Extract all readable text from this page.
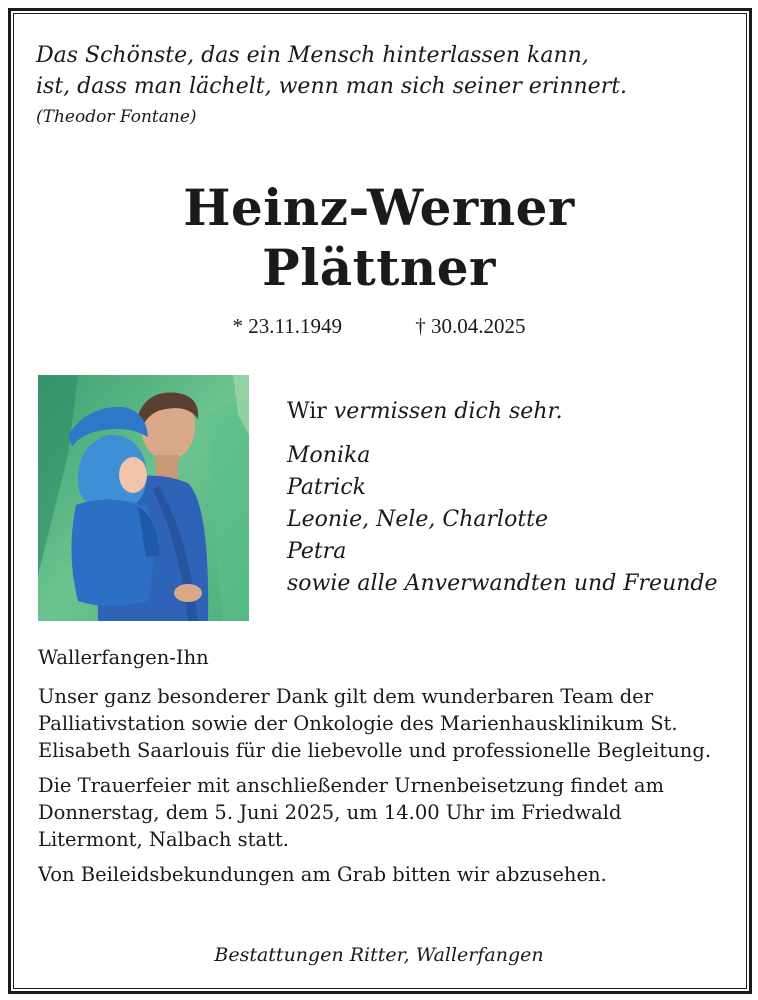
Das Schönste, das ein Mensch hinterlassen kann,
ist, dass man lächelt, wenn man sich seiner erinnert.
(Theodor Fontane)
Heinz-Werner
Plättner
* 23.11.1949	† 30.04.2025
Wir vermissen dich sehr.
Monika
Patrick
Leonie, Nele, Charlotte
Petra
sowie alle Anverwandten und Freunde

Wallerfangen-Ihn

Unser ganz besonderer Dank gilt dem wunderbaren Team der Palliativstation sowie der Onkologie des Marienhausklinikum St. Elisabeth Saarlouis für die liebevolle und professionelle Begleitung.

Die Trauerfeier mit anschließender Urnenbeisetzung findet am Donnerstag, dem 5. Juni 2025, um 14.00 Uhr im Friedwald Litermont, Nalbach statt.

Von Beileidsbekundungen am Grab bitten wir abzusehen.

Bestattungen Ritter, Wallerfangen
